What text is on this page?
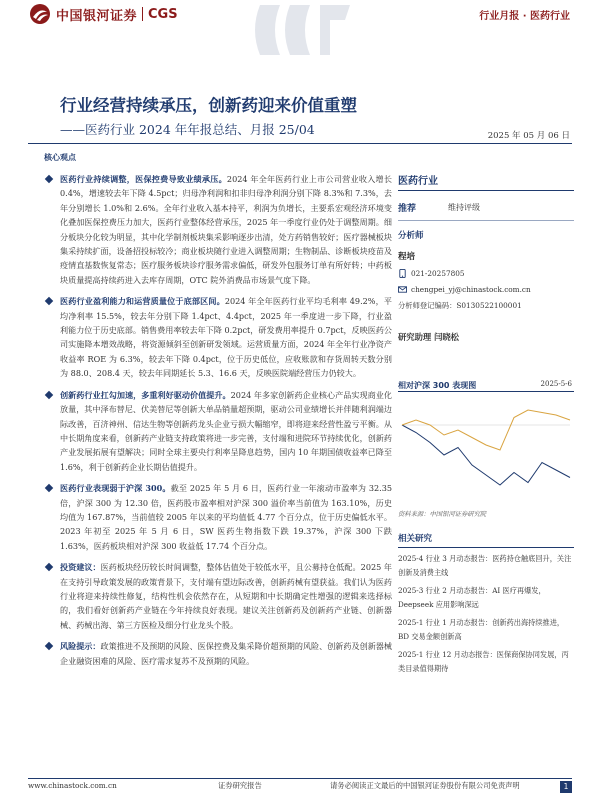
中国银河证券 CGS	行业月报 · 医药行业
行业经营持续承压，创新药迎来价值重塑
——医药行业 2024 年年报总结、月报 25/04	2025 年 05 月 06 日
核心观点
医药行业持续调整，医保控费导致业绩承压。2024 年全年医药行业上市公司营业收入增长 0.4%，增速较去年下降 4.5pct；归母净利润和扣非归母净利润分别下降 8.3%和 7.3%，去年分别增长 1.0%和 2.6%。全年行业收入基本持平，利润为负增长，主要系宏观经济环境变化叠加医保控费压力加大，医药行业整体经营承压，2025 年一季度行业仍处于调整周期。细分板块分化较为明显，其中化学制剂板块集采影响逐步出清，处方药销售较好；医疗器械板块集采持续扩面，设备招投标较冷；商业板块随行业进入调整周期；生物制品、诊断板块疫苗及疫情直基数恢复常态；医疗服务板块诊疗服务需求偏低，研发外包服务订单有所好转；中药板块质量提高持续药进入去库存周期，OTC 院外消费品市场景气度下降。
医药行业盈利能力和运营质量位于底部区间。2024 年全年医药行业平均毛利率 49.2%，平均净利率 15.5%，较去年分别下降 1.4pct、4.4pct，2025 年一季度进一步下降，行业盈利能力位于历史底部。销售费用率较去年下降 0.2pct，研发费用率提升 0.7pct，反映医药公司实施降本增效战略，将资源倾斜至创新研发领域。运营质量方面，2024 年全年行业净资产收益率 ROE 为 6.3%，较去年下降 0.4pct，位于历史低位，应收账款和存货周转天数分别为 88.0、208.4 天，较去年同期延长 5.3、16.6 天，反映医院端经营压力仍较大。
创新药行业扛勾加速，多重利好驱动价值提升。2024 年多家创新药企业核心产品实现商业化放量，其中泽布替尼、伏美替尼等创新大单品销量超预期，驱动公司业绩增长并伴随利润端边际改善，百济神州、信达生物等创新药龙头企业亏损大幅缩窄，即将迎来经营性盈亏平衡。从中长期角度来看，创新药产业链支持政策将进一步完善，支付端和进院环节持续优化，创新药产业发展拓展有望解决；同时全球主要央行利率呈降息趋势，国内 10 年期国债收益率已降至 1.6%，利于创新药企业长期估值提升。
医药行业表现弱于沪深 300。截至 2025 年 5 月 6 日，医药行业一年滚动市盈率为 32.35 倍，沪深 300 为 12.30 倍，医药股市盈率相对沪深 300 溢价率当前值为 163.10%，历史均值为 167.87%，当前值较 2005 年以来的平均值低 4.77 个百分点，位于历史偏低水平。2023 年初至 2025 年 5 月 6 日，SW 医药生物指数下跌 19.37%，沪深 300 下跌 1.63%，医药板块相对沪深 300 收益低 17.74 个百分点。
投资建议：医药板块经历较长时间调整，整体估值处于较低水平，且公募持仓低配。2025 年在支持引导政策发展的政策背景下，支付端有望边际改善，创新药械有望获益。我们认为医药行业将迎来持续性修复，结构性机会依然存在，从短期和中长期确定性增强的逻辑来选择标的，我们看好创新药产业链在今年持续良好表现。建议关注创新药及创新药产业链、创新器械、药械出海、第三方医检及细分行业龙头个股。
风险提示：政策推进不及预期的风险、医保控费及集采降价超预期的风险、创新药及创新器械企业融资困难的风险、医疗需求复苏不及预期的风险。
医药行业
推荐	维持评级
分析师
程培
021-20257805
chengpei_yj@chinastock.com.cn
分析师登记编码：S0130522100001
研究助理 闫晓松
相对沪深 300 表现图	2025-5-6
资料来源：中国银河证券研究院
相关研究
2025-4 行业 3 月动态报告：医药持仓触底回升，关注创新及消费主线
2025-3 行业 2 月动态报告：AI 医疗再爆发，Deepseek 应用影响深远
2025-1 行业 1 月动态报告：创新药出海持续推进，BD 交易金额创新高
2025-1 行业 12 月动态报告：医保商保协同发展，丙类目录值得期待
www.chinastock.com.cn	证券研究报告	请务必阅读正文最后的中国银河证券股份有限公司免责声明	1
